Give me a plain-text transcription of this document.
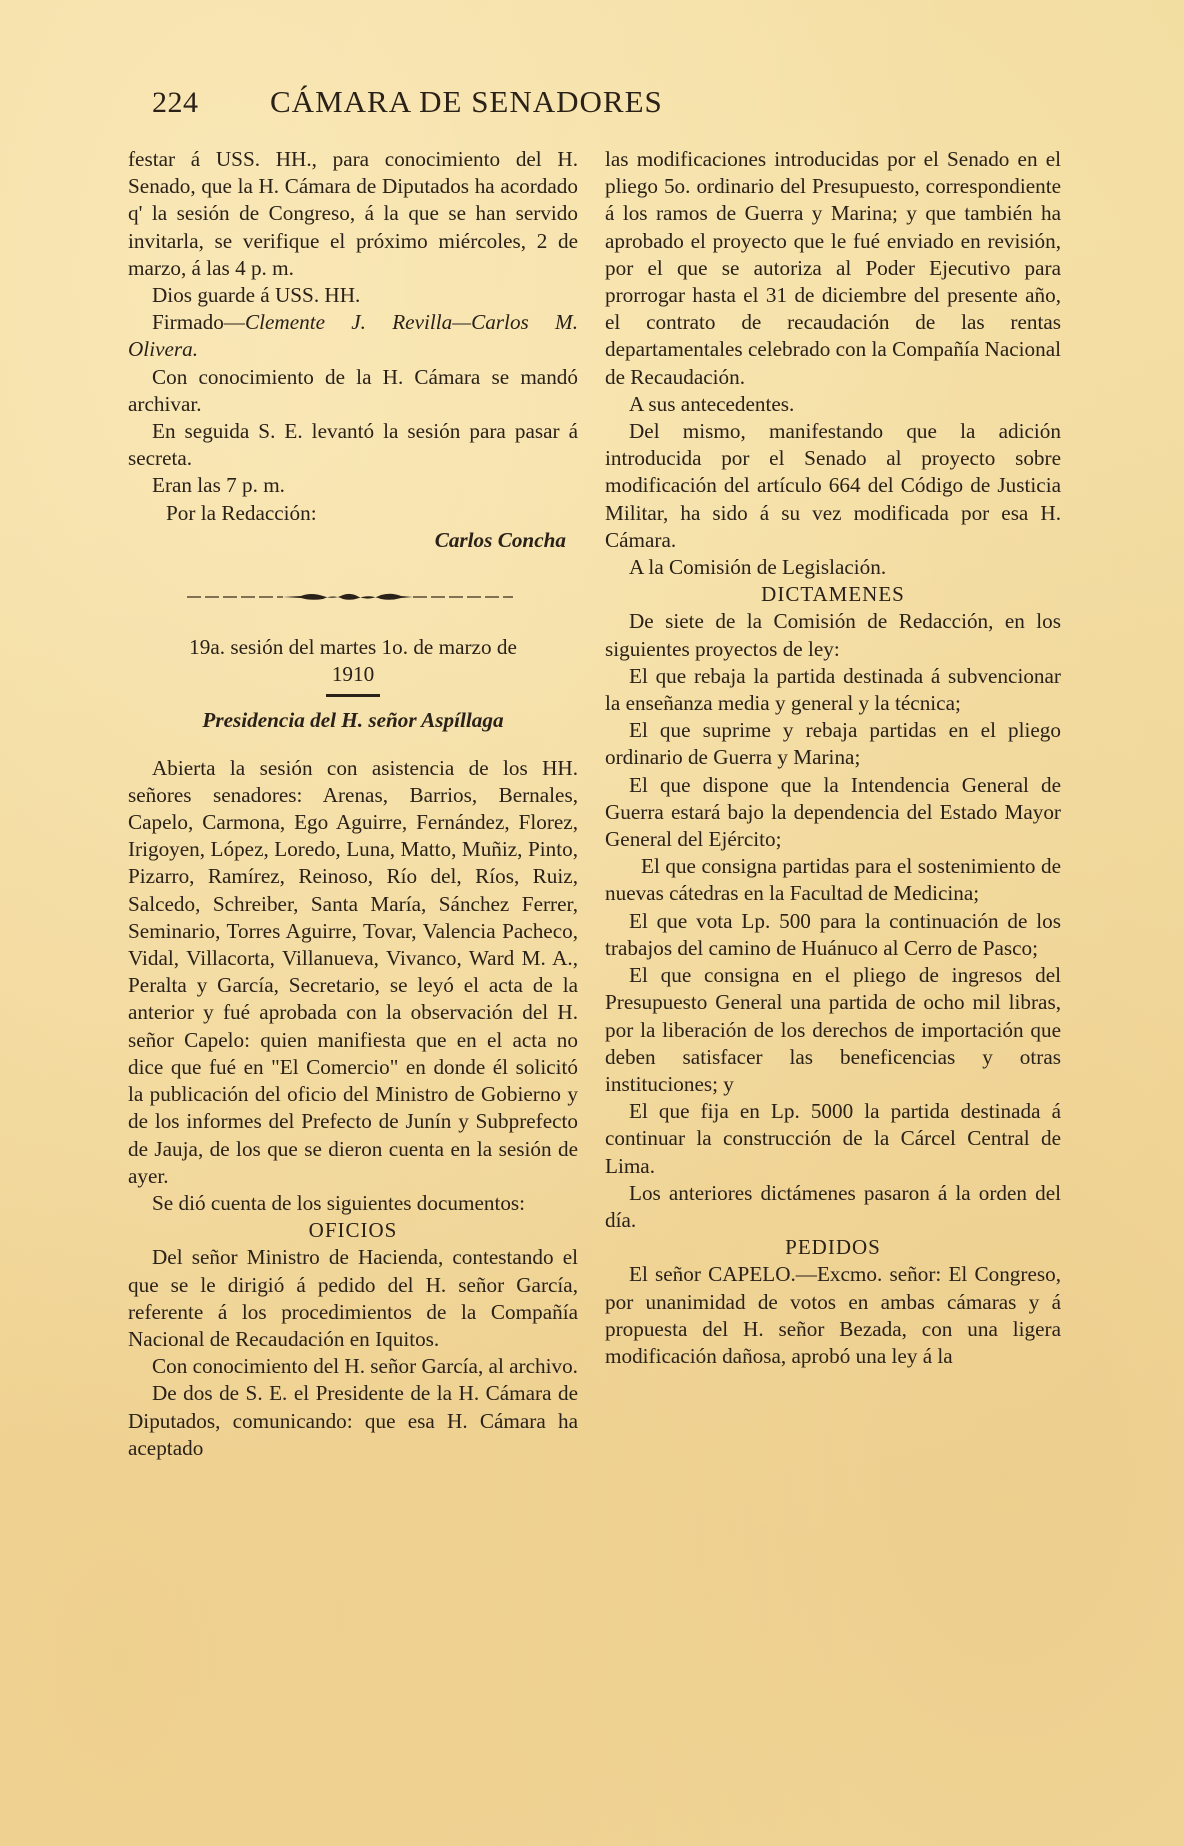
224	CÁMARA DE SENADORES

festar á USS. HH., para conocimiento del H. Senado, que la H. Cámara de Diputados ha acordado q' la sesión de Congreso, á la que se han servido invitarla, se verifique el próximo miércoles, 2 de marzo, á las 4 p. m.

Dios guarde á USS. HH.

Firmado—Clemente J. Revilla—Carlos M. Olivera.

Con conocimiento de la H. Cámara se mandó archivar.

En seguida S. E. levantó la sesión para pasar á secreta.

Eran las 7 p. m.

Por la Redacción:

Carlos Concha

19a. sesión del martes 1o. de marzo de

1910

Presidencia del H. señor Aspíllaga

Abierta la sesión con asistencia de los HH. señores senadores: Arenas, Barrios, Bernales, Capelo, Carmona, Ego Aguirre, Fernández, Florez, Irigoyen, López, Loredo, Luna, Matto, Muñiz, Pinto, Pizarro, Ramírez, Reinoso, Río del, Ríos, Ruiz, Salcedo, Schreiber, Santa María, Sánchez Ferrer, Seminario, Torres Aguirre, Tovar, Valencia Pacheco, Vidal, Villacorta, Villanueva, Vivanco, Ward M. A., Peralta y García, Secretario, se leyó el acta de la anterior y fué aprobada con la observación del H. señor Capelo: quien manifiesta que en el acta no dice que fué en "El Comercio" en donde él solicitó la publicación del oficio del Ministro de Gobierno y de los informes del Prefecto de Junín y Subprefecto de Jauja, de los que se dieron cuenta en la sesión de ayer.

Se dió cuenta de los siguientes documentos:

OFICIOS

Del señor Ministro de Hacienda, contestando el que se le dirigió á pedido del H. señor García, referente á los procedimientos de la Compañía Nacional de Recaudación en Iquitos.

Con conocimiento del H. señor García, al archivo.

De dos de S. E. el Presidente de la H. Cámara de Diputados, comunicando: que esa H. Cámara ha aceptado

las modificaciones introducidas por el Senado en el pliego 5o. ordinario del Presupuesto, correspondiente á los ramos de Guerra y Marina; y que también ha aprobado el proyecto que le fué enviado en revisión, por el que se autoriza al Poder Ejecutivo para prorrogar hasta el 31 de diciembre del presente año, el contrato de recaudación de las rentas departamentales celebrado con la Compañía Nacional de Recaudación.

A sus antecedentes.

Del mismo, manifestando que la adición introducida por el Senado al proyecto sobre modificación del artículo 664 del Código de Justicia Militar, ha sido á su vez modificada por esa H. Cámara.

A la Comisión de Legislación.

DICTAMENES

De siete de la Comisión de Redacción, en los siguientes proyectos de ley:

El que rebaja la partida destinada á subvencionar la enseñanza media y general y la técnica;

El que suprime y rebaja partidas en el pliego ordinario de Guerra y Marina;

El que dispone que la Intendencia General de Guerra estará bajo la dependencia del Estado Mayor General del Ejército;

El que consigna partidas para el sostenimiento de nuevas cátedras en la Facultad de Medicina;

El que vota Lp. 500 para la continuación de los trabajos del camino de Huánuco al Cerro de Pasco;

El que consigna en el pliego de ingresos del Presupuesto General una partida de ocho mil libras, por la liberación de los derechos de importación que deben satisfacer las beneficencias y otras instituciones; y

El que fija en Lp. 5000 la partida destinada á continuar la construcción de la Cárcel Central de Lima.

Los anteriores dictámenes pasaron á la orden del día.

PEDIDOS

El señor CAPELO.—Excmo. señor: El Congreso, por unanimidad de votos en ambas cámaras y á propuesta del H. señor Bezada, con una ligera modificación dañosa, aprobó una ley á la
